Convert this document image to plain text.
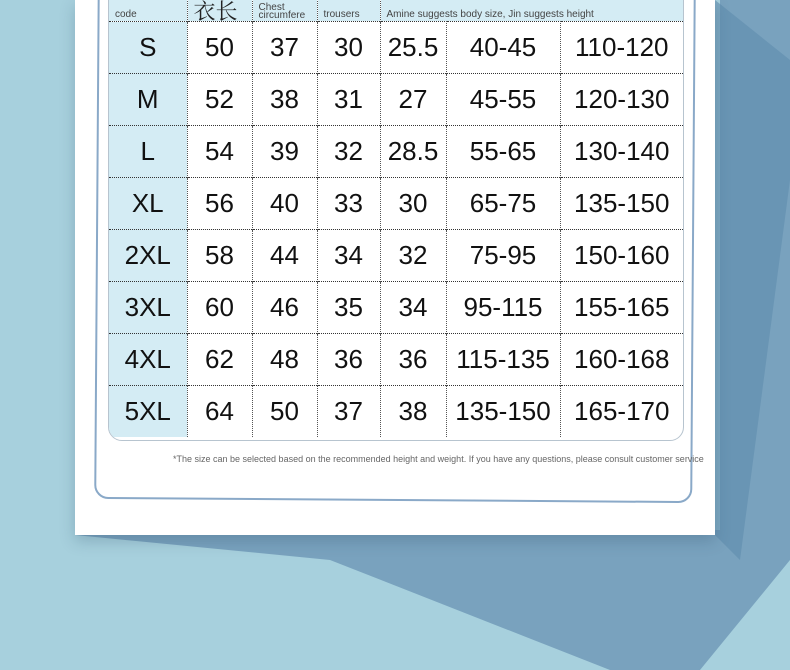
code	衣长	Chest circumfere	trousers	Amine suggests body size, Jin suggests height		

S	50	37	30	25.5	40-45	110-120
M	52	38	31	27	45-55	120-130
L	54	39	32	28.5	55-65	130-140
XL	56	40	33	30	65-75	135-150
2XL	58	44	34	32	75-95	150-160
3XL	60	46	35	34	95-115	155-165
4XL	62	48	36	36	115-135	160-168
5XL	64	50	37	38	135-150	165-170
*The size can be selected based on the recommended height and weight. If you have any questions, please consult customer service
